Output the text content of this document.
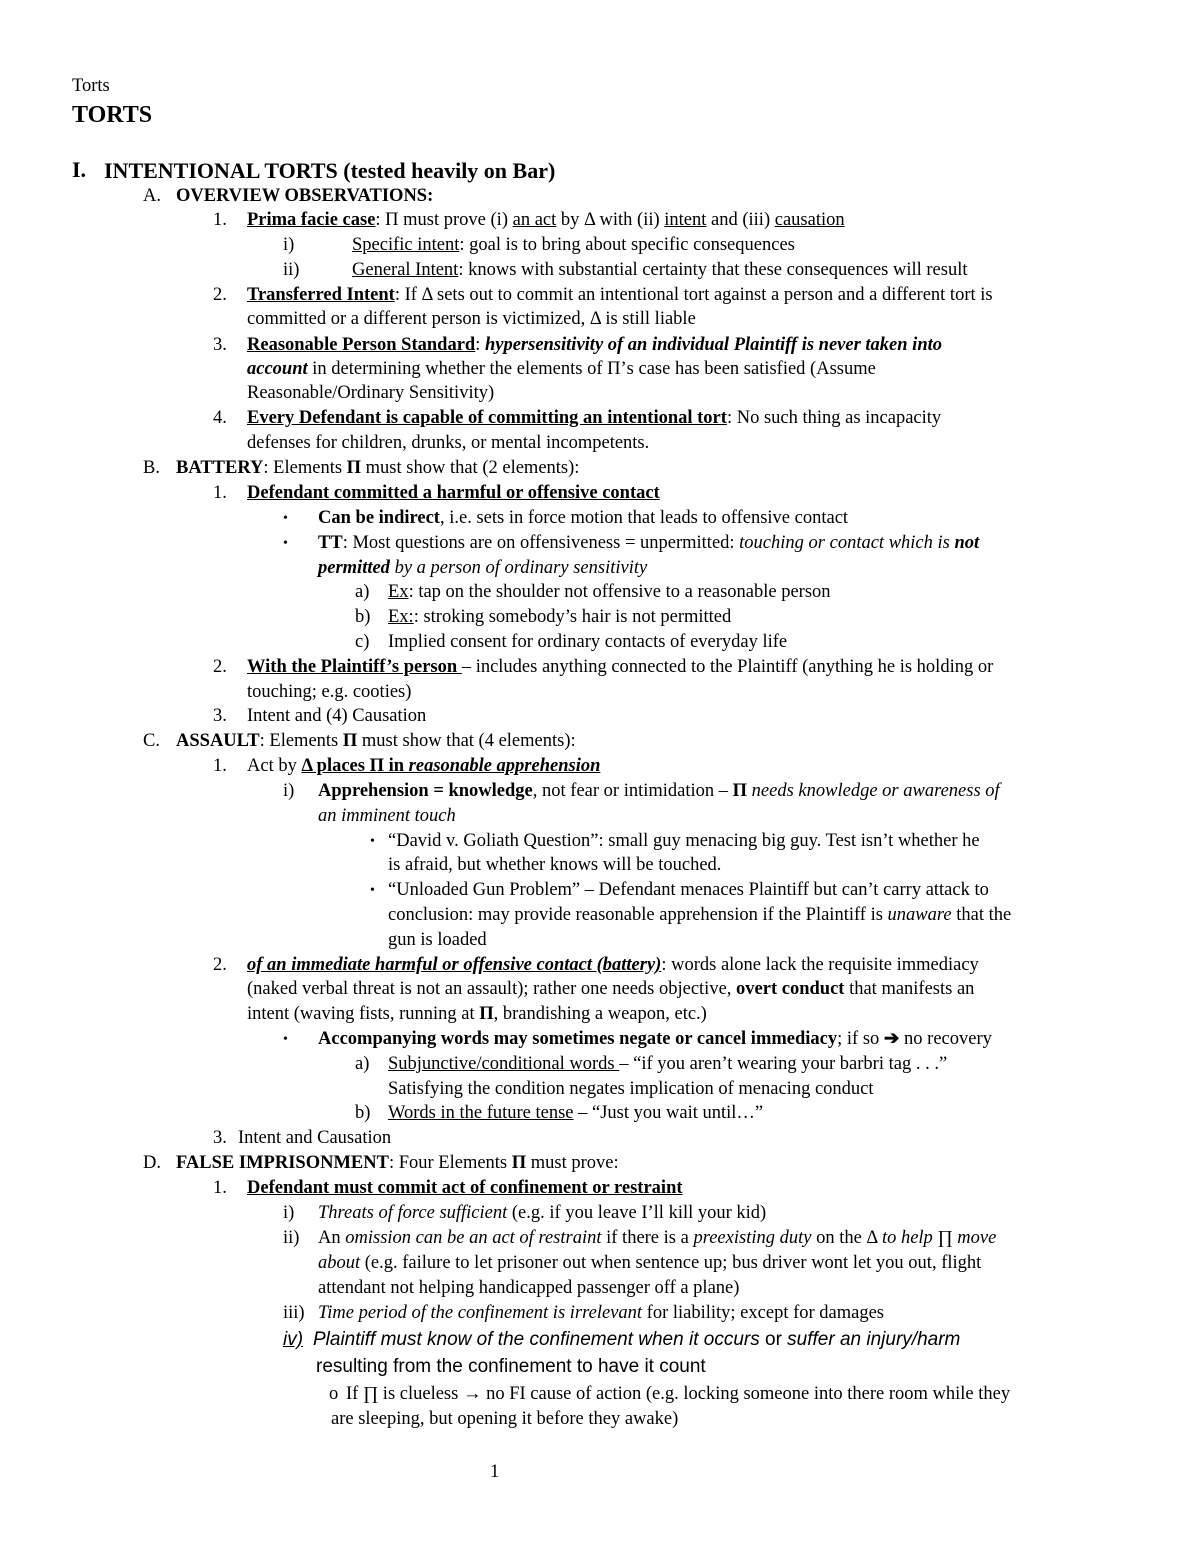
Torts
TORTS
I. INTENTIONAL TORTS (tested heavily on Bar)
A. OVERVIEW OBSERVATIONS:
1. Prima facie case: Π must prove (i) an act by Δ with (ii) intent and (iii) causation
i)	Specific intent: goal is to bring about specific consequences
ii)	General Intent: knows with substantial certainty that these consequences will result
2. Transferred Intent: If Δ sets out to commit an intentional tort against a person and a different tort is
committed or a different person is victimized, Δ is still liable
3. Reasonable Person Standard: hypersensitivity of an individual Plaintiff is never taken into
account in determining whether the elements of Π’s case has been satisfied (Assume
Reasonable/Ordinary Sensitivity)
4. Every Defendant is capable of committing an intentional tort: No such thing as incapacity
defenses for children, drunks, or mental incompetents.
B. BATTERY: Elements Π must show that (2 elements):
1. Defendant committed a harmful or offensive contact
• Can be indirect, i.e. sets in force motion that leads to offensive contact
• TT: Most questions are on offensiveness = unpermitted: touching or contact which is not
permitted by a person of ordinary sensitivity
a) Ex: tap on the shoulder not offensive to a reasonable person
b) Ex:: stroking somebody’s hair is not permitted
c) Implied consent for ordinary contacts of everyday life
2. With the Plaintiff’s person – includes anything connected to the Plaintiff (anything he is holding or
touching; e.g. cooties)
3. Intent and (4) Causation
C. ASSAULT: Elements Π must show that (4 elements):
1. Act by Δ places Π in reasonable apprehension
i) Apprehension = knowledge, not fear or intimidation – Π needs knowledge or awareness of
an imminent touch
• “David v. Goliath Question”: small guy menacing big guy. Test isn’t whether he
is afraid, but whether knows will be touched.
• “Unloaded Gun Problem” – Defendant menaces Plaintiff but can’t carry attack to
conclusion: may provide reasonable apprehension if the Plaintiff is unaware that the
gun is loaded
2. of an immediate harmful or offensive contact (battery): words alone lack the requisite immediacy
(naked verbal threat is not an assault); rather one needs objective, overt conduct that manifests an
intent (waving fists, running at Π, brandishing a weapon, etc.)
• Accompanying words may sometimes negate or cancel immediacy; if so ➔ no recovery
a) Subjunctive/conditional words – “if you aren’t wearing your barbri tag . . .”
Satisfying the condition negates implication of menacing conduct
b) Words in the future tense – “Just you wait until…”
3. Intent and Causation
D. FALSE IMPRISONMENT: Four Elements Π must prove:
1. Defendant must commit act of confinement or restraint
i) Threats of force sufficient (e.g. if you leave I’ll kill your kid)
ii) An omission can be an act of restraint if there is a preexisting duty on the Δ to help ∏ move
about (e.g. failure to let prisoner out when sentence up; bus driver wont let you out, flight
attendant not helping handicapped passenger off a plane)
iii) Time period of the confinement is irrelevant for liability; except for damages
iv) Plaintiff must know of the confinement when it occurs or suffer an injury/harm
resulting from the confinement to have it count
o If ∏ is clueless → no FI cause of action (e.g. locking someone into there room while they
are sleeping, but opening it before they awake)
1
